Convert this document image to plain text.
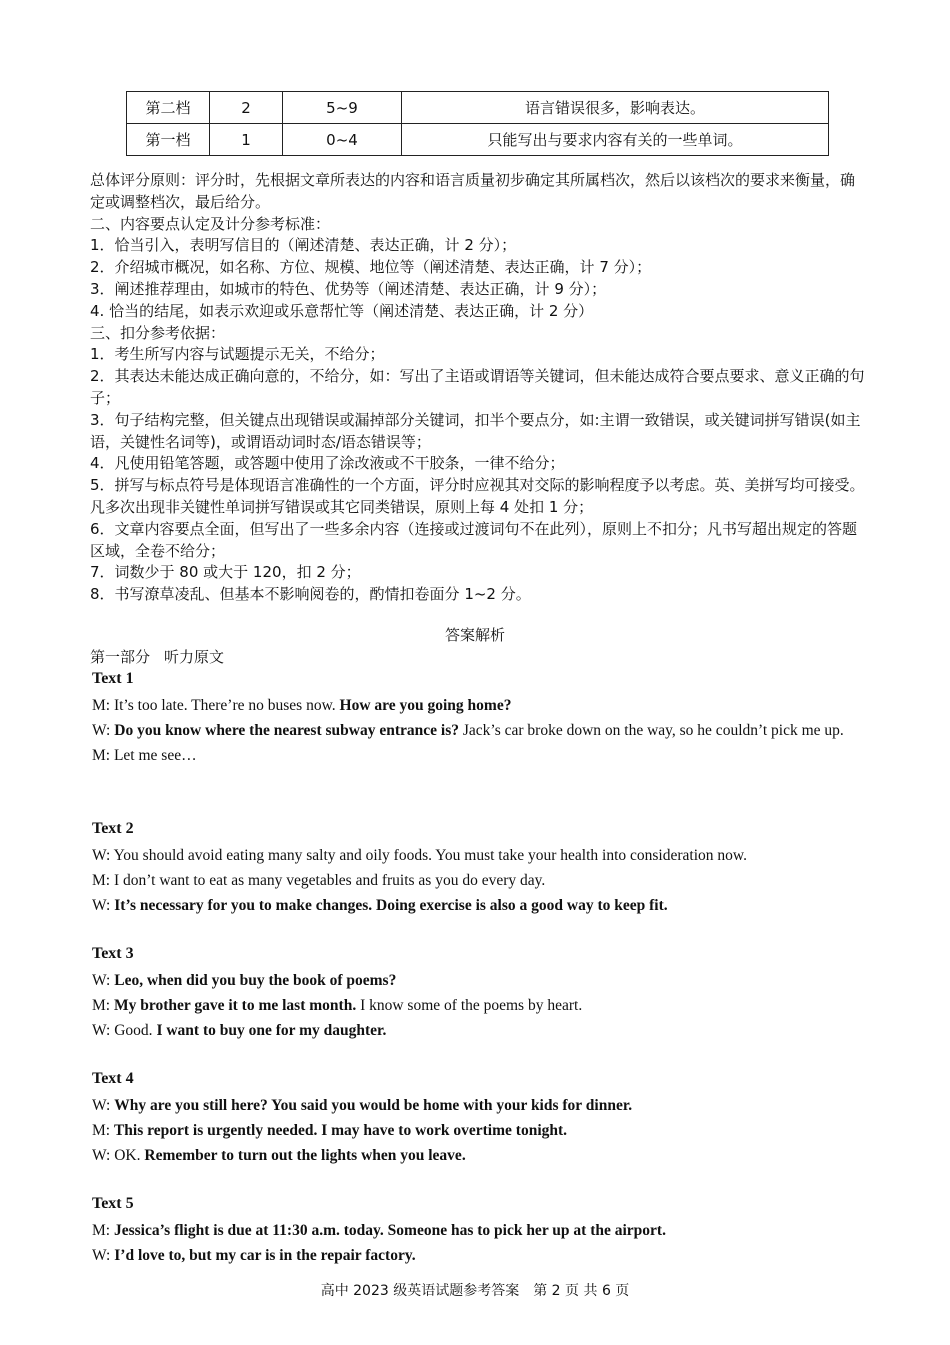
第二档	2	5~9	语言错误很多，影响表达。
第一档	1	0~4	只能写出与要求内容有关的一些单词。

总体评分原则：评分时，先根据文章所表达的内容和语言质量初步确定其所属档次，然后以该档次的要求来衡量，确定或调整档次，最后给分。

二、内容要点认定及计分参考标准：

1．恰当引入，表明写信目的（阐述清楚、表达正确，计 2 分）；

2．介绍城市概况，如名称、方位、规模、地位等（阐述清楚、表达正确，计 7 分）；

3．阐述推荐理由，如城市的特色、优势等（阐述清楚、表达正确，计 9 分）；

4. 恰当的结尾，如表示欢迎或乐意帮忙等（阐述清楚、表达正确，计 2 分）

三、扣分参考依据：

1．考生所写内容与试题提示无关，不给分；

2．其表达未能达成正确向意的，不给分，如：写出了主语或谓语等关键词，但未能达成符合要点要求、意义正确的句子；

3．句子结构完整，但关键点出现错误或漏掉部分关键词，扣半个要点分，如:主谓一致错误，或关键词拼写错误(如主语，关键性名词等)，或谓语动词时态/语态错误等；

4．凡使用铅笔答题，或答题中使用了涂改液或不干胶条，一律不给分；

5．拼写与标点符号是体现语言准确性的一个方面，评分时应视其对交际的影响程度予以考虑。英、美拼写均可接受。凡多次出现非关键性单词拼写错误或其它同类错误，原则上每 4 处扣 1 分；

6．文章内容要点全面，但写出了一些多余内容（连接或过渡词句不在此列），原则上不扣分；凡书写超出规定的答题区域，全卷不给分；

7．词数少于 80 或大于 120，扣 2 分；

8．书写潦草凌乱、但基本不影响阅卷的，酌情扣卷面分 1~2 分。

答案解析
第一部分 听力原文
Text 1
M: It’s too late. There’re no buses now. How are you going home?
W: Do you know where the nearest subway entrance is? Jack’s car broke down on the way, so he couldn’t pick me up.
M: Let me see…
Text 2
W: You should avoid eating many salty and oily foods. You must take your health into consideration now.
M: I don’t want to eat as many vegetables and fruits as you do every day.
W: It’s necessary for you to make changes. Doing exercise is also a good way to keep fit.
Text 3
W: Leo, when did you buy the book of poems?
M: My brother gave it to me last month. I know some of the poems by heart.
W: Good. I want to buy one for my daughter.
Text 4
W: Why are you still here? You said you would be home with your kids for dinner.
M: This report is urgently needed. I may have to work overtime tonight.
W: OK. Remember to turn out the lights when you leave.
Text 5
M: Jessica’s flight is due at 11:30 a.m. today. Someone has to pick her up at the airport.
W: I’d love to, but my car is in the repair factory.
高中 2023 级英语试题参考答案　第 2 页 共 6 页
